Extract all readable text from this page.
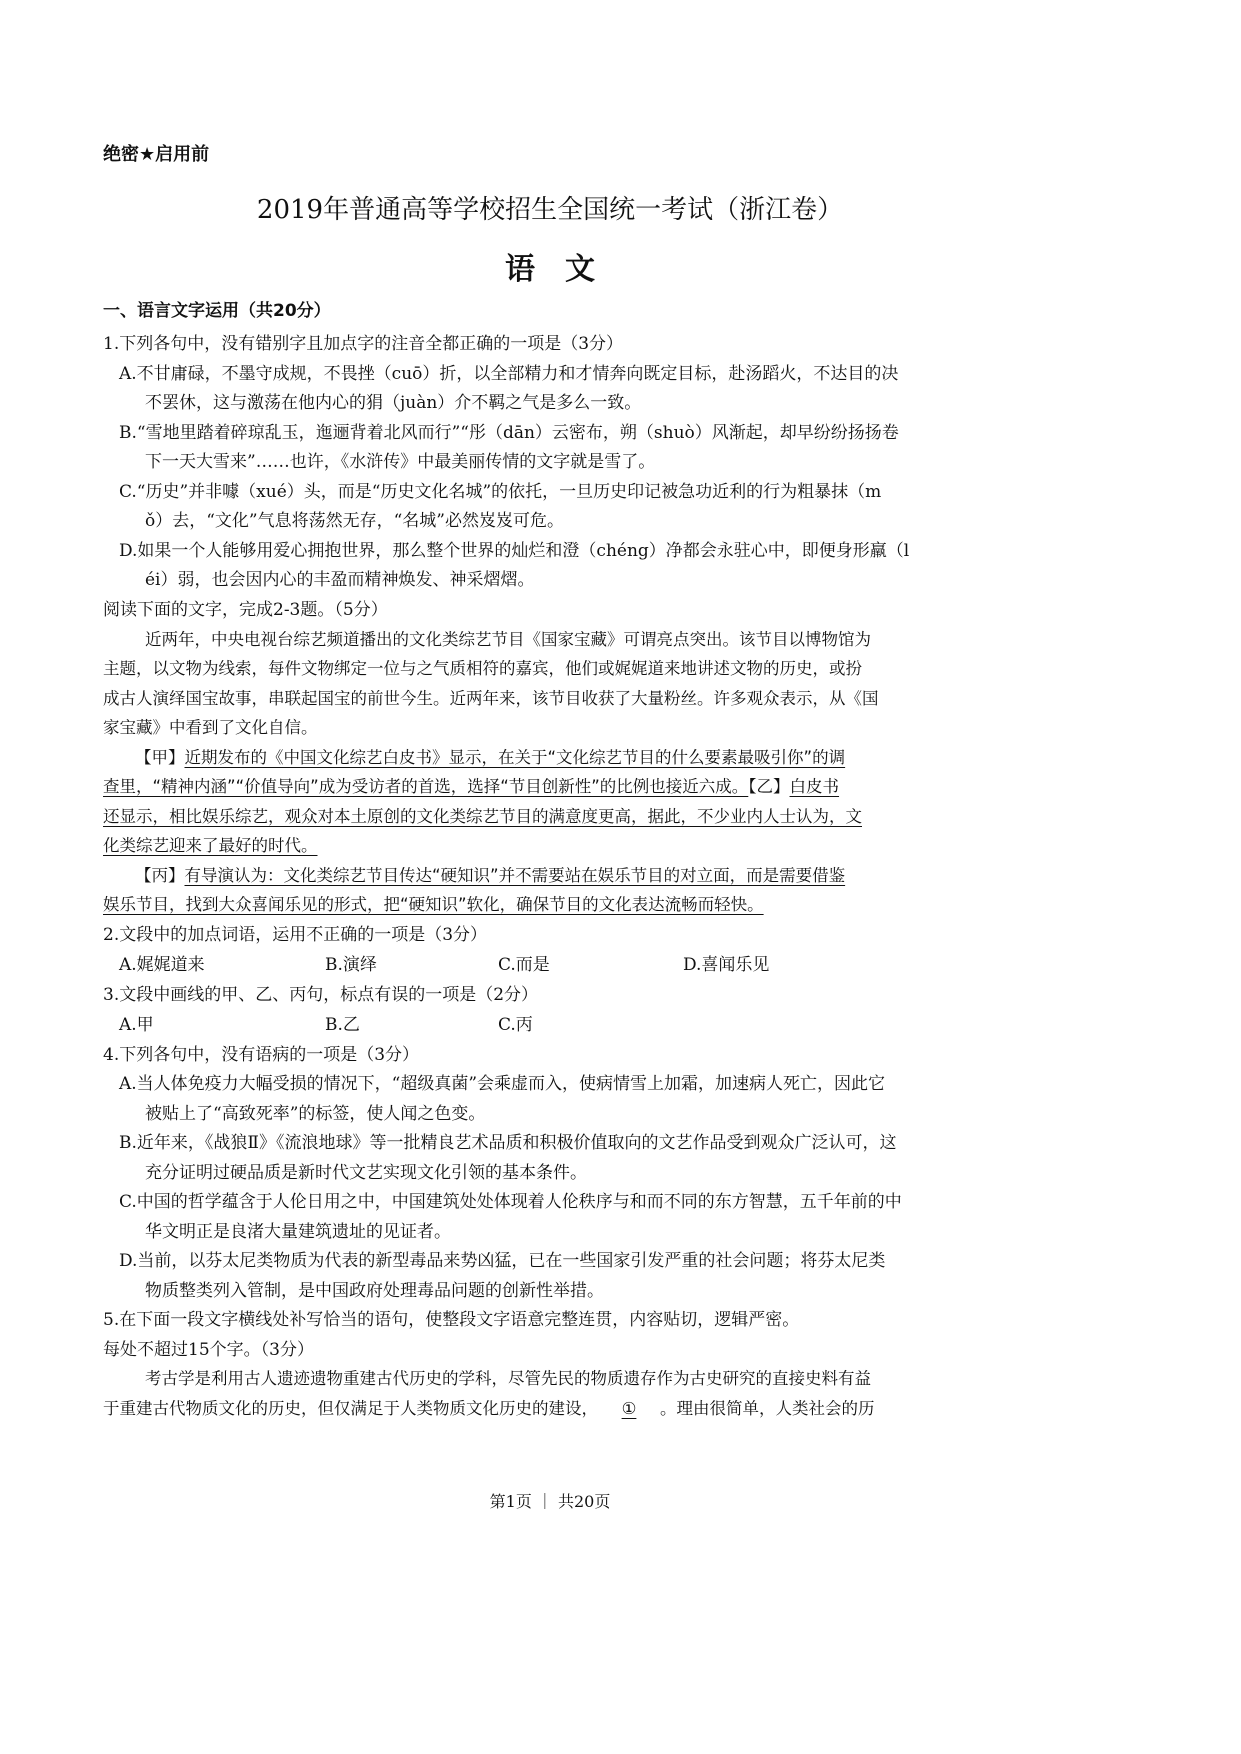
绝密★启用前
2019年普通高等学校招生全国统一考试（浙江卷）
语　文
一、语言文字运用（共20分）
1.下列各句中，没有错别字且加点字的注音全都正确的一项是（3分）
A.不甘庸碌，不墨守成规，不畏挫（cuō）折，以全部精力和才情奔向既定目标，赴汤蹈火，不达目的决
不罢休，这与激荡在他内心的狷（juàn）介不羁之气是多么一致。
B.“雪地里踏着碎琼乱玉，迤逦背着北风而行”“彤（dān）云密布，朔（shuò）风渐起，却早纷纷扬扬卷
下一天大雪来”……也许，《水浒传》中最美丽传情的文字就是雪了。
C.“历史”并非噱（xué）头，而是“历史文化名城”的依托，一旦历史印记被急功近利的行为粗暴抹（m
ǒ）去，“文化”气息将荡然无存，“名城”必然岌岌可危。
D.如果一个人能够用爱心拥抱世界，那么整个世界的灿烂和澄（chéng）净都会永驻心中，即便身形羸（l
éi）弱，也会因内心的丰盈而精神焕发、神采熠熠。
阅读下面的文字，完成2-3题。（5分）
近两年，中央电视台综艺频道播出的文化类综艺节目《国家宝藏》可谓亮点突出。该节目以博物馆为
主题，以文物为线索，每件文物绑定一位与之气质相符的嘉宾，他们或娓娓道来地讲述文物的历史，或扮
成古人演绎国宝故事，串联起国宝的前世今生。近两年来，该节目收获了大量粉丝。许多观众表示，从《国
家宝藏》中看到了文化自信。
【甲】近期发布的《中国文化综艺白皮书》显示，在关于“文化综艺节目的什么要素最吸引你”的调
查里，“精神内涵”“价值导向”成为受访者的首选，选择“节目创新性”的比例也接近六成。【乙】白皮书
还显示，相比娱乐综艺，观众对本土原创的文化类综艺节目的满意度更高，据此，不少业内人士认为，文
化类综艺迎来了最好的时代。
【丙】有导演认为：文化类综艺节目传达“硬知识”并不需要站在娱乐节目的对立面，而是需要借鉴
娱乐节目，找到大众喜闻乐见的形式，把“硬知识”软化，确保节目的文化表达流畅而轻快。
2.文段中的加点词语，运用不正确的一项是（3分）
A.娓娓道来	B.演绎	C.而是	D.喜闻乐见
3.文段中画线的甲、乙、丙句，标点有误的一项是（2分）
A.甲	B.乙	C.丙
4.下列各句中，没有语病的一项是（3分）
A.当人体免疫力大幅受损的情况下，“超级真菌”会乘虚而入，使病情雪上加霜，加速病人死亡，因此它
被贴上了“高致死率”的标签，使人闻之色变。
B.近年来，《战狼Ⅱ》《流浪地球》等一批精良艺术品质和积极价值取向的文艺作品受到观众广泛认可，这
充分证明过硬品质是新时代文艺实现文化引领的基本条件。
C.中国的哲学蕴含于人伦日用之中，中国建筑处处体现着人伦秩序与和而不同的东方智慧，五千年前的中
华文明正是良渚大量建筑遗址的见证者。
D.当前，以芬太尼类物质为代表的新型毒品来势凶猛，已在一些国家引发严重的社会问题；将芬太尼类
物质整类列入管制，是中国政府处理毒品问题的创新性举措。
5.在下面一段文字横线处补写恰当的语句，使整段文字语意完整连贯，内容贴切，逻辑严密。
每处不超过15个字。（3分）
考古学是利用古人遗迹遗物重建古代历史的学科，尽管先民的物质遗存作为古史研究的直接史料有益
于重建古代物质文化的历史，但仅满足于人类物质文化历史的建设， ① 。理由很简单，人类社会的历
第1页 ｜ 共20页
